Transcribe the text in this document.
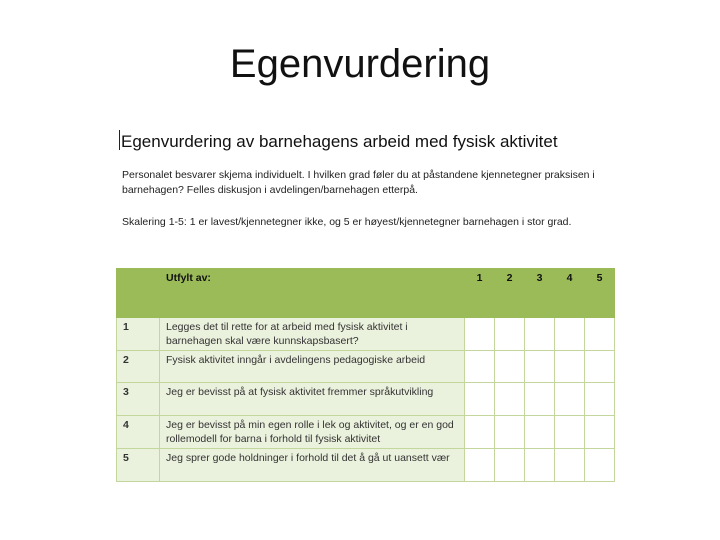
Egenvurdering
Egenvurdering av barnehagens arbeid med fysisk aktivitet
Personalet besvarer skjema individuelt. I hvilken grad føler du at påstandene kjennetegner praksisen i barnehagen? Felles diskusjon i avdelingen/barnehagen etterpå.
Skalering 1-5: 1 er lavest/kjennetegner ikke, og 5 er høyest/kjennetegner barnehagen i stor grad.
	Utfylt av:	1	2	3	4	5
1	Legges det til rette for at arbeid med fysisk aktivitet i barnehagen skal være kunnskapsbasert?					
2	Fysisk aktivitet inngår i avdelingens pedagogiske arbeid					
3	Jeg er bevisst på at fysisk aktivitet fremmer språkutvikling					
4	Jeg er bevisst på min egen rolle i lek og aktivitet, og er en god rollemodell for barna i forhold til fysisk aktivitet					
5	Jeg sprer gode holdninger i forhold til det å gå ut uansett vær					
